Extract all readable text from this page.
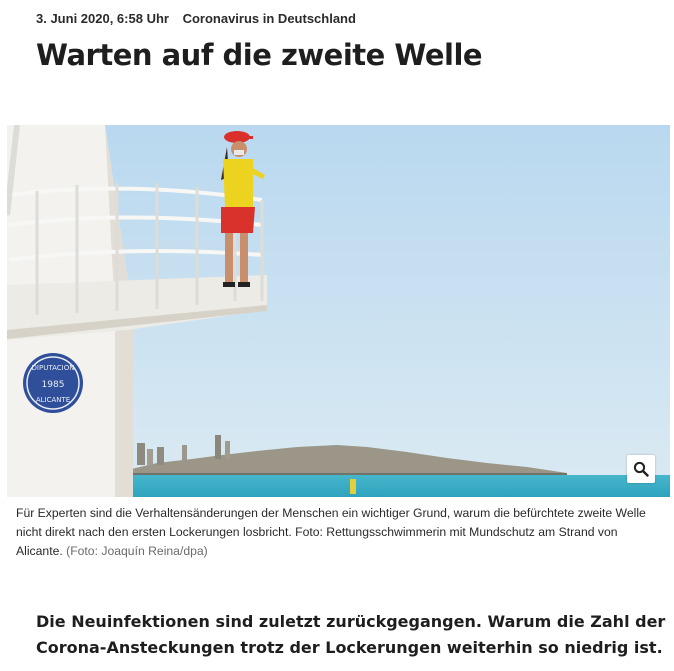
3. Juni 2020, 6:58 Uhr Coronavirus in Deutschland
Warten auf die zweite Welle
DIPUTACION
1985
ALICANTE
Für Experten sind die Verhaltensänderungen der Menschen ein wichtiger Grund, warum die befürchtete zweite Welle nicht direkt nach den ersten Lockerungen losbricht. Foto: Rettungsschwimmerin mit Mundschutz am Strand von Alicante. (Foto: Joaquín Reina/dpa)

Die Neuinfektionen sind zuletzt zurückgegangen. Warum die Zahl der Corona-Ansteckungen trotz der Lockerungen weiterhin so niedrig ist.
